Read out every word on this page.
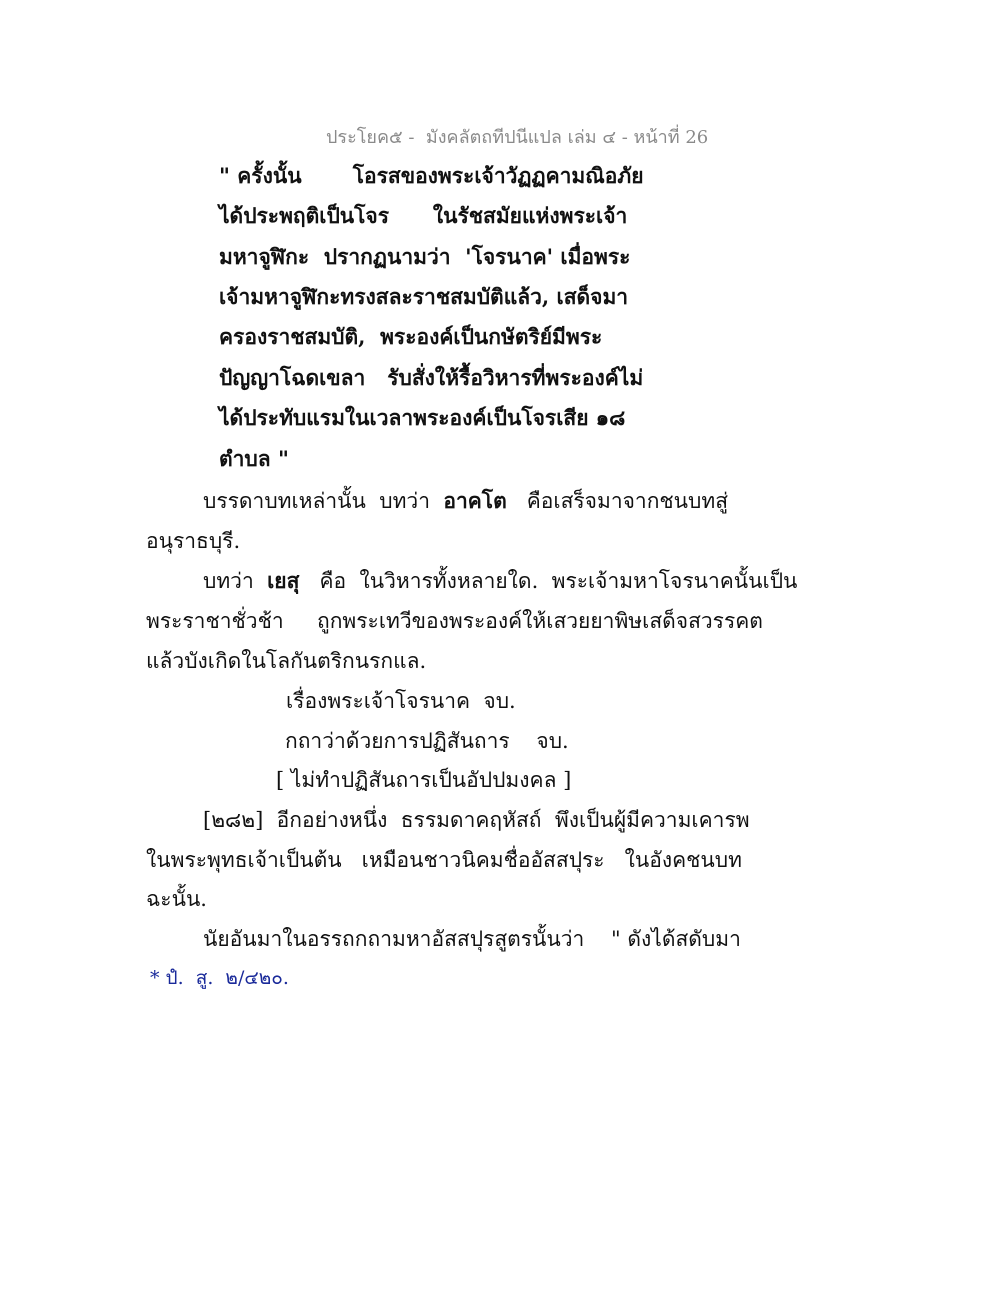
ประโยค๕ -  มังคลัตถทีปนีแปล เล่ม ๔ - หน้าที่ 26
" ครั้งนั้น       โอรสของพระเจ้าวัฏฏคามณิอภัย
ได้ประพฤติเป็นโจร      ในรัชสมัยแห่งพระเจ้า
มหาจูฬิกะ  ปรากฏนามว่า  'โจรนาค' เมื่อพระ
เจ้ามหาจูฬิกะทรงสละราชสมบัติแล้ว, เสด็จมา
ครองราชสมบัติ,  พระองค์เป็นกษัตริย์มีพระ
ปัญญาโฉดเขลา   รับสั่งให้รื้อวิหารที่พระองค์ไม่
ได้ประทับแรมในเวลาพระองค์เป็นโจรเสีย ๑๘
ตำบล "
บรรดาบทเหล่านั้น  บทว่า  อาคโต   คือเสร็จมาจากชนบทสู่
อนุราธบุรี.
บทว่า  เยสุ   คือ  ในวิหารทั้งหลายใด.  พระเจ้ามหาโจรนาคนั้นเป็น
พระราชาชั่วช้า     ถูกพระเทวีของพระองค์ให้เสวยยาพิษเสด็จสวรรคต
แล้วบังเกิดในโลกันตริกนรกแล.
เรื่องพระเจ้าโจรนาค  จบ.
กถาว่าด้วยการปฏิสันถาร    จบ.
[ ไม่ทำปฏิสันถารเป็นอัปปมงคล ]
[๒๘๒]  อีกอย่างหนึ่ง  ธรรมดาคฤหัสถ์  พึงเป็นผู้มีความเคารพ
ในพระพุทธเจ้าเป็นต้น   เหมือนชาวนิคมชื่ออัสสปุระ   ในอังคชนบท
ฉะนั้น.
นัยอันมาในอรรถกถามหาอัสสปุรสูตรนั้นว่า    " ดังได้สดับมา
* ปํ.  สู.  ๒/๔๒๐.
